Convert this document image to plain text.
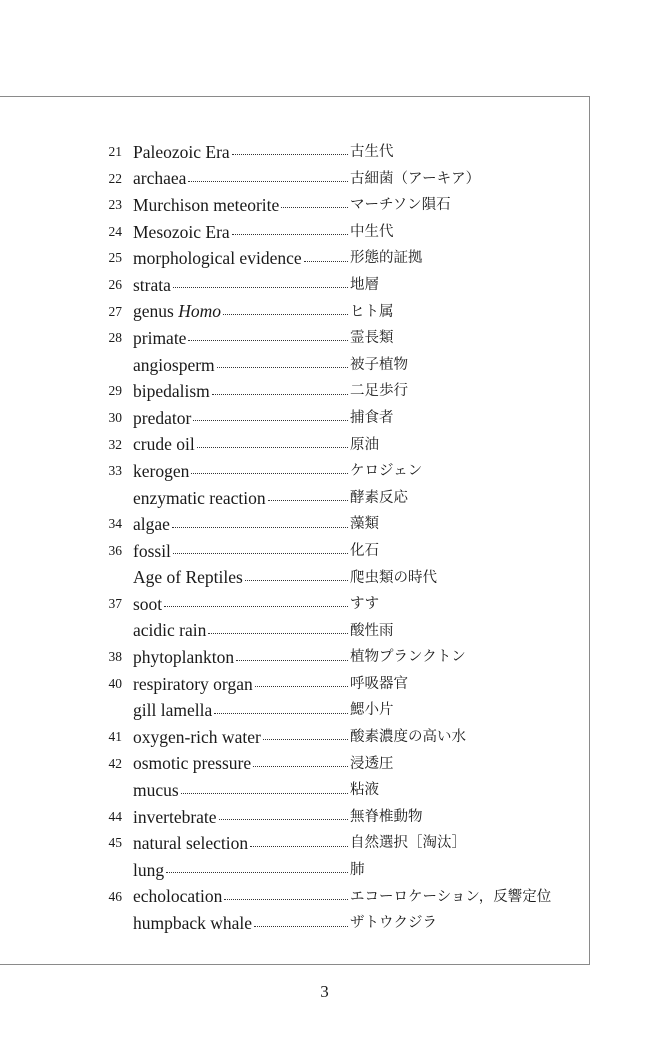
21 Paleozoic Era	古生代
22 archaea	古細菌（アーキア）
23 Murchison meteorite	マーチソン隕石
24 Mesozoic Era	中生代
25 morphological evidence	形態的証拠
26 strata	地層
27 genus Homo	ヒト属
28 primate	霊長類
angiosperm	被子植物
29 bipedalism	二足歩行
30 predator	捕食者
32 crude oil	原油
33 kerogen	ケロジェン
enzymatic reaction	酵素反応
34 algae	藻類
36 fossil	化石
Age of Reptiles	爬虫類の時代
37 soot	すす
acidic rain	酸性雨
38 phytoplankton	植物プランクトン
40 respiratory organ	呼吸器官
gill lamella	鰓小片
41 oxygen-rich water	酸素濃度の高い水
42 osmotic pressure	浸透圧
mucus	粘液
44 invertebrate	無脊椎動物
45 natural selection	自然選択［淘汰］
lung	肺
46 echolocation	エコーロケーション，反響定位
humpback whale	ザトウクジラ
3
